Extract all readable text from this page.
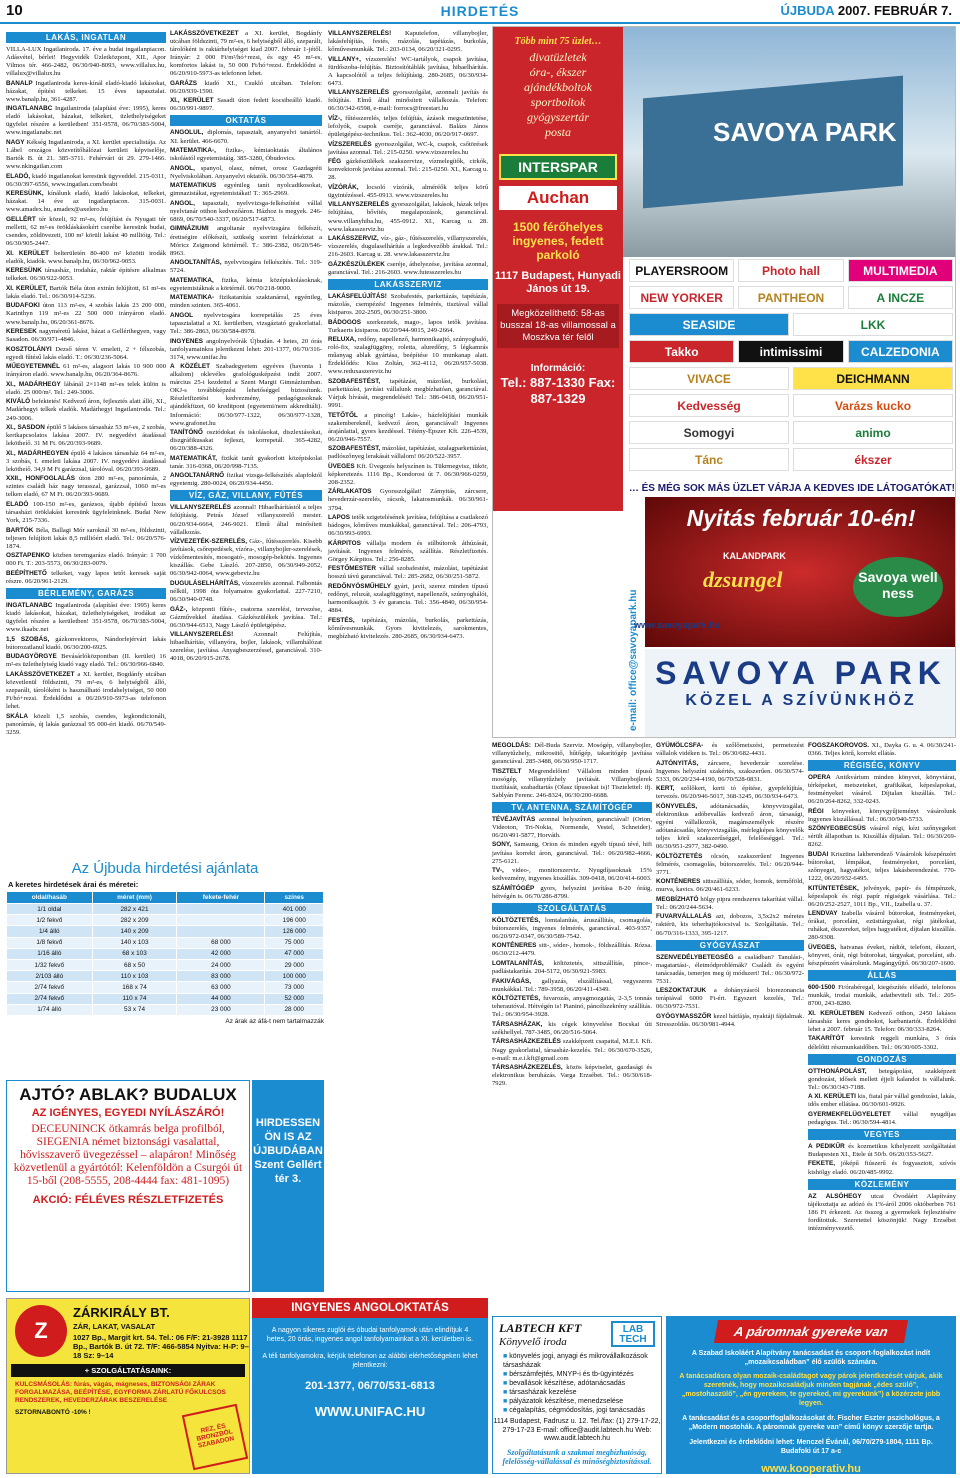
10	HIRDETÉS	ÚJBUDA 2007. FEBRUÁR 7.
LAKÁS, INGATLAN
VILLA-LUX Ingatlaniroda. 17. éve a budai ingatlanpiacon. Adásvétel, bérlet! Hegyvidék Üzletközpont, XII., Apor Vilmos tér. 466-2482, 06/30/940-8093, www.villalux.hu, villalux@villalux.hu
BANALP Ingatlaniroda keres-kínál eladó-kiadó lakásokat, házakat, építési telkeket. 15 éves tapasztalat. www.banalp.hu, 361-4287.
INGATLANABC Ingatlaniroda (alapítási éve: 1995), keres eladó lakásokat, házakat, telkeket, üzlethelyiségeket ügyfelei részére a kerületben! 351-9578, 06/70/383-5004, www.ingatlanabc.net
NAGY Kékség Ingatlaniroda, a XI. kerület specialistája. Az 1.ábel országos közvetítőhálózat kerületi képviselője, Bartók B. út 21. 385-3711. Fehérvári út 29. 279-1466. www.nkingatlan.com
ELADÓ, kiadó ingatlanokat keresünk ügyveddel. 215-0311, 06/30/397-6556, www.ingatlan.com/beabt
KERESÜNK, kínálunk eladó, kiadó lakásokat, telkeket, házakat. 14 éve az ingatlanpiacon. 315-0031. www.amadex.hu, amadex@axelero.hu
GELLÉRT tér közeli, 92 m²-es, felújítást és Nyugati tér melletti, 62 m²-es örökláskásokért cserébe keresünk budai, csendes, zöldövezeti, 100 m² körüli lakást 40 millióig. Tel.: 06/30/905-2447.
XI. KERÜLET belterületén 80-400 m² közötti irodák eladók, kiadók. www.banalp.hu, 06/30/962-9053.
KERESÜNK társasház, irodaház, raktár építésre alkalmas telkeket. 06/30/922-9053.
XI. KERÜLET, Bartók Béla úton extrán felújított, 61 m²-es lakás eladó. Tel.: 06/30/914-5236.
BUDAFOKI úton 113 m²-es, 4 szobás lakás 23 200 000, Karinthyn 119 m²-es 22 500 000 irányáron eladó. www.banalp.hu, 06/20/361-8676.
KERESEK nagyméretű lakást, házat a Gellérthegyen, vagy Sasadon. 06/30/971-4846.
KOSZTOLÁNYI Dezső téren V. emeleti, 2 + félszobás, egyedi fűtésű lakás eladó. T.: 06/30/236-5064.
MŰEGYETEMNÉL 61 m²-es, alagsori lakás 10 900 000 irányáron eladó. www.banalp.hu, 06/20/364-8676.
XI., MADÁRHEGY lábánál 2×1148 m²-es telek külön is eladó. 25 000/m². Tel.: 249-3006.
KIVÁLÓ befektetés! Kedvező áron, fejlesztés alatt álló, XI., Madárhegyi telkek eladók. Madárhegyi Ingatlaniroda. Tel.: 249-3006.
XI., SASDON épülő 5 lakásos társasház 53 m²-es, 2 szobás, kertkapcsolatos lakása 2007. IV. negyedévi átadással lekötheíő. 31 M Ft. 06/20/393-9689.
XI., MADÁRHEGYEN épülő 4 lakásos társasház 64 m²-es, 3 szobás, I. emeleti lakása 2007. IV. negyedévi átadással lekötheíő. 34,9 M Ft garázzsal, tárolóval. 06/20/393-9689.
XXII., HONFOGLALÁS úton 280 m²-es, panorámás, 2 szintes családi ház nagy terasszal, garázzsal, 1060 m²-es telken eladó, 67 M Ft. 06/20/393-9689.
ELADÓ 100-150 m²-es, garázsos, újabb építésű luxus társasházi öröklakást keresünk ügyfeleinknek. Budai New York, 215-7336.
BARTÓK Béla, Ballagi Mór saroknál 30 m²-es, földszinti, teljesen felújított lakás 8,5 millióért eladó. Tel.: 06/20/576-1874.
OSZTAPENKO közben teremgarázs eladó. Irányár: 1 700 000 Ft. T.: 203-5573, 06/30/283-0079.
BEÉPÍTHETŐ telkeket, vagy lapos tetőt keresek saját részre. 06/20/961-2129.
BÉRLEMÉNY, GARÁZS
INGATLANABC Ingatlaniroda (alapítási éve: 1995) keres kiadó lakásokat, házakat, üzlethelyiségeket, irodákat az ügyfelei részére a kerületben! 351-9578, 06/70/383-5004, www.ikaabc.net
1,5 SZOBÁS, gázkonvektoros, Nándorfejérvári lakás bútorozatlanul kiadó. 06/30/200-6925.
BUDAGYÖRGYE Bevásárlóközpontban (II. kerület) 16 m²-es üzlethelyiség kiadó vagy eladó. Tel.: 06/30/966-6840.
LAKÁSSZÖVETKEZET a XI. kerület, Bogdánfy utcában közvetlenül földszinti, 79 m²-es, 6 helyiségből álló, szeparált, tárolóként is használható irodahelyiséget, 50 000 Ft/hó+rezsi. Érdeklődni a 06/20/910-5973-as telefonon lehet.
SKÁLA közeli 1,5 szobás, csendes, legkondicionált, panorámás, új lakás garázzsal 95 000-ért kiadó. 06/70/549-3259.
LAKÁSSZÖVETKEZET a XI. kerület, Bogdánfy utcában földszinti, 79 m²-es, 6 helyiségből álló, szeparált, tárolóként is raktárhelyiséget kiad 2007. február 1-jétől. Irányár: 2 000 Ft/m²/hó+rezsi, és egy 45 m²-es, komfortos lakást is, 50 000 Ft/hó+rezsi. Érdeklődni a 06/20/910-5973-as telefonon lehet.
GARÁZS kiadó XI., Csukló utcában. Telefon: 06/20/939-1590.
XI., KERÜLET Sasadi úton fedett kocsibeálló kiadó. 06/30/991-9897.
OKTATÁS
ANGOLUL, diplomás, tapasztalt, anyanyelvi tanártól. XI. kerület. 466-6670.
MATEMATIKA-, fizika-, kémiaoktatás általános iskolástól egyetemistáig. 385-3280, Óbudovics.
ANGOL, spanyol, olasz, német, orosz Gazdagréti Nyelviskolában. Anyanyelvi oktatók. 06/30/354-4879.
MATEMATIKUS egyénileg tanít nyolcadikosokat, gimnazistákat, egyetemistákat! T.: 365-2969.
ANGOL, tapasztalt, nyelvvizsga-felkészítést vállal nyelvtanár otthon kedvezőáron. Házhoz is megyek. 246-6869, 06/70/540-3337, 06/20/517-6873.
GIMNÁZIUMI angoltanár nyelvvizsgára felkészít, érettségire előkészít, szükség szerint felzárkóztat a Móricz Zsigmond körtérnél. T.: 386-2382, 06/20/546-8963.
ANGOLTANÍTÁS, nyelvvizsgára felkészítés. Tel.: 319-5724.
MATEMATIKA, fizika, kémia középiskolásoknak, egyetemistáknak a körtérnél. 06/70/218-9000.
MATEMATIKA- fizikatanítás szaktanárral, egyénileg, minden szinten. 365-4061.
ANGOL nyelvvizsgára korrepetálás 25 éves tapasztalattal a XI. kerületben, vizsgáztató gyakorlattal. Tel.: 386-2863, 06/30/584-8978.
INGYENES angolnyelvórák Újbudán. 4 hetes, 20 órás tanfolyamainkra jelentkezni lehet: 201-1377, 06/70/316-3174, www.unifac.hu
A KÖZÉLET Szabadegyetem egyéves (havonta 1 alkalom) oklevéles grafológusképzést indít 2007. március 25-i kezdettel a Szent Margit Gimnáziumban. OKJ-s továbbképzési lehetőséggel biztosítunk. Részletfizetési kedvezmény, pedagógusoknak ajándékfüzet, 60 kreditpont (egyetemi/nem akkreditált). Információ: 06/30/977-1322, 06/30/977-1328, www.grafonet.hu
TANÍTÓNŐ osztódokat és iskolásokat, diszlexiásokat, diszgráfikusakat fejleszt, korrepetál. 365-4282, 06/20/388-4326.
MATEMATIKÁT, fizikát tanít gyakorlott középiskolai tanár. 316-0368, 06/20/998-7135.
ANGOLTANÁRNŐ fizikai vizsga-felkészítés alapfoktól egyetemig. 280-0024, 06/20/934-4456.
VÍZ, GÁZ, VILLANY, FŰTÉS
VILLANYSZERELÉS azonnal! Hibaelhárítástól a teljes felújításig. Petrás József villanyszerelő mester. 06/20/934-6664, 246-9021. Elmű által minősített vállalkozás.
VÍZVEZETÉK-SZERELÉS, Gáz-, fűtésszerelés. Kisebb javítások, csőrepedések, vízóra-, villanybojler-szerelések, vízkőmentesítés, mosogató-, mosogép-bekötés. Ingyenes kiszállás. Gebe László. 207-2850, 06/30/949-2052, 06/30/942-0064, www.gebeviz.hu
DUGULÁSELHÁRÍTÁS, vízszerelés azonnal. Falbontás nélkül, 1998 óta folyamatos gyakorlattal. 227-7210, 06/30/940-0748.
GÁZ-, központi fűtés-, csatorna szerelési, tervezése, Gázművekkel átadása. Gázkészülékek javítása. Tel.: 06/30/944-6513, Nagy László épületgépész.
VILLANYSZERELÉS! Azonnal! Felújítás, hibaelhárítás, villanyóra, bojler, lakások, villamhálózat szerelése, javítása. Anyagbeszerzéssel, garanciával. 310-4018, 06/20/915-2678.
VILLANYSZERELÉS! Kaputelefon, villanybojler, lakásfelújítás, festés, mázolás, tapétázás, burkolás, kőművesmunkák. Tel.: 203-0134, 06/20/321-0295.
VILLANY+, vízszerelés! WC-tartályok, csapok javítása, fürdőszoba-felújítás. Biztosítótáblák javítása, hibaelhárítás. A kapcsolótól a teljes felújításig. 280-2685, 06/30/934-6473.
VILLANYSZERELÉS gyorsszolgálat, azonnali javítás és felújítás. Elmű által minősített vállalkozás. Telefon: 06/30/342-6598, e-mail: forrocs@freestart.hu
VÍZ-, fűtésszerelés, teljes felújítás, ázások megszüntetése, lefolyók, csapok cseréje, garanciával. Balázs János épületgépész-technikus. Tel.: 362-4030, 06/20/917-0697.
VÍZSZERELÉS gyorsszolgálat, WC-k, csapok, csőtörések javítása azonnal. Tel.: 215-0250. www.vizszereles.hu
FÉG gázkészülékek szakszervize, vízmelegítők, cirkók, konvektorok javítása azonnal. Tel.: 215-0250. XI., Karcag u. 28.
VÍZÓRÁK, locsoló vízórák, alméréők teljes körű ügyintézéssel. 455-0913. www.vizszereles.hu
VILLANYSZERELÉS gyorsszolgálat, lakások, házak teljes felújítása, bővítés, megalapozások, garanciával. www.villanyhiba.hu, 455-0912. XI., Karcag u. 28. www.lakasszerviz.hu
LAKÁSSZERVIZ, víz-, gáz-, fűtésszerelés, villanyszerelés, vízszerelés, dugulaselhárítás a legkedvezőbb árakkal. Tel.: 216-2603. Karcag u. 28. www.lakasszerviz.hu
GÁZKÉSZÜLÉKEK cseréje, áthelyezése, javítása azonnal, garanciával. Tel.: 216-2603. www.futesszereles.hu
LAKÁSSZERVIZ
LAKÁSFELÚJÍTÁS! Szobafestés, parkettázás, tapétázás, mázolás, csempézés! Ingyenes felmérés, tisztával vállal kisiparos. 202-2505, 06/30/251-3800.
BÁDOGOS szerkezetek, mago-, lapos tetők javítása. Turkaerts kisiparos. 06/20/944-9015, 249-2664.
RELUXA, redőny, napellenző, harmonikaajtó, szúnyoghaló, roló-fix, szalagfüggöny, roletta, aluredőny, 5 légkamrás műanyag ablak gyártása, beépítése 10 munkanap alatt. Érdeklődés: Kiss Zoltán, 362-4112, 06/20/957-5038. www.reduxaszereviz.hu
SZOBAFESTÉST, tapétázást, mázolást, burkolást, parkettázást, javítást vállalunk megbízhatóan, garanciával. Várjuk hívását, megrendelését! Tel.: 386-0418, 06/20/951-9991.
TETŐTŐL a pincéig! Lakás-, házfelújítási munkák szakembereknél, kedvező áron, garanciával! Ingyenes árajánlattal, gyors kezdéssel. Tétény-Épszer Kft. 226-4539, 06/20/946-7557.
SZOBAFESTÉST, mázolást, tapétázást, szalagparkettázást, padlószőnyeg lerakását vállalom! 06/20/522-3957.
ÜVEGES Kft. Üvegezés helyszínen is. Tükrmegvisz, tükör, képkeretezés. 1116 Bp., Kondorosi út 7. 06/30/966-0259, 208-2352.
ZÁRLAKATOS Gyorsszolgálat! Zámyitás, zárcsere, hevederzár-szerelés, rácsok, lakatosmunkák. 06/30/961-3794.
LAPOS tetők szigetelésének javítása, felújítása a csatlakozó bádogos, kőműves munkákkal, garanciával. Tel.: 206-4793, 06/30/993-6993.
KÁRPITOS vállalja modern és stílbútorok áthúzását, javítását. Ingyenes felmérés, szállítás. Részletfizetés. Görgey Kárpitos. Tel.: 256-8285.
FESTŐMESTER vállal szobafestést, mázolást, tapétázást hosszú távú garanciával. Tel.: 285-2682, 06/30/251-5872.
REDŐNYÖSMŰHELY gyárt, javít, szerez minden típusú redőnyt, reluxát, szalagfüggönyt, napellenzőt, szúnyoghálót, harmonikaajtót. 3 év garancia. Tel.: 356-4840, 06/30/954-4884.
FESTÉS, tapétázás, mázolás, burkolás, parkettázás, kőművesmunkák. Gyors kivitelezés, sarokmentes, megbízható kivitelezés. 280-2685, 06/30/934-6473.
MEGOLDÁS: Dél-Buda Szerviz. Mosógép, villanybojler, villanytűzhely, mikrosütő, hűtőgép, takarítógép javítása garanciával. 285-3488, 06/30/950-1717.
TISZTELT Megrendelőim! Vállalom minden típusú mosógép, villanytűzhely javítását. Villanybojlerek tisztítását, szabadtartás (Olasz típusokat is)! Tisztelettel: ifj. Sablyán Ferenc. 246-8324, 06/30/200-6688.
TV, ANTENNA, SZÁMÍTÓGÉP
TÉVÉJAVÍTÁS azonnal helyszínen, garanciával! (Orion, Videoton, Tri-Nokia, Normende, Vestel, Schneider). 06/20/491-5877, Horváth.
SONY, Samsung, Orion és minden egyéb típusú tévé, hifi javítása korrekt áron, garanciával. Tel.: 06/20/982-4666, 275-6121.
TV-, video-, monitorszerviz. Nyugdíjasoknak 15% kedvezmény, ingyenes kiszállás. 309-0418, 06/20/414-6003.
SZÁMÍTÓGÉP gyors, helyszíni javítása 8-20 óráig, hétvégén is. 06/70/286-8799.
SZOLGÁLTATÁS
KÖLTÖZTETÉS, lomtalanítás, áruszállítás, csomagolás, bútorszerelés, ingyenes felmérés, garanciával. 403-9357, 06/20/972-0347, 06/30/589-7542.
KONTÉNERES sitt-, sóder-, homok-, földszállítás. Rózsa. 06/30/212-4479.
LOMTALANÍTÁS, költöztetés, sittszállítás, pince-, padlástakarítás. 204-5172, 06/30/921-5983.
FAKIVÁGÁS, gallyazás, elszállítással, vegyszeres munkákkal. Tel.: 789-3958, 06/20/411-4349.
KÖLTÖZTETÉS, fuvarozás, anyagmozgatás, 2-3,5 tonnás teherautóval. Hétvégén is! Pianinó, páncélszekrény szállítás. Tel.: 06/30/954-3928.
TÁRSASHÁZAK, kis cégek könyvelése Bocskai úti székhellyel. 787-3485, 06/20/516-5064.
TÁRSASHÁZKEZELÉS szakképzett csapattal, M.E.I. Kft. Nagy gyakorlattal, társasház-kezelés. Tel.: 06/30/670-3526, e-mail: m.e.i.kft@gmail.com
TÁRSASHÁZKEZELÉS, közös képviselet, gazdasági és elektronikus beruházás. Varga Erzsébet. Tel.: 06/30/618-7929.
GYÜMÖLCSFA- és szőlőmetszést, permetezést vállalok vidéken is. Tel.: 06/30/682-4431.
AJTÓNYITÁS, zárcsere, hevederzár szerelése. Ingyenes helyszíni szakértés, szakszerűen. 06/30/574-5333, 06/20/234-4190, 06/70/528-0831.
KERT, szőlőkert, kerti tó építése, gyepfelújítás, tervezés. 06/20/946-5017, 368-3245, 06/30/934-6473.
KÖNYVELÉS, adótanácsadás, könyvvizsgálat, elektronikus adóbevallás kedvező áron, társasági, egyéni vállalkozók, magánszemélyek részére adótanácsadás, könyvvizsgálás, mérlegképes könyvelők teljes körű szakszerűséggel, felelősséggel. Tel.: 06/30/951-2977, 382-0490.
KÖLTÖZTETÉS olcsón, szakszerűen! Ingyenes felmérés, csomagolás, bútorszerelés. Tel.: 06/20/944-3771.
KONTÉNERES sittszállítás, sóder, homok, termőföld, murva, kavics. 06/20/461-6233.
MEGBÍZHATÓ hölgy pipra rendszeres takarítást vállal. Tel.: 06/20/244-5634.
FUVARVÁLLALÁS azt, dobozos, 3,5x2x2 méretes raktérü, kis teherhajtókocsival is. Szolgáltatás. Tel.: 06/70/316-1333, 395-1217.
GYÓGYÁSZAT
SZENVEDÉLYBETEGSÉG a családban? Tanulási-, magatartási-, életmódproblémák? Családi és egyéni tanácsadás, ismerjen meg új módszert! Tel.: 06/30/972-7531.
LESZOKTATJUK a dohányzásról biorezonancia terápiával 6000 Ft-ért. Egyszeri kezelés, Tel.: 06/30/972-7531.
GYÓGYMASSZŐR kezel hátfájás, nyaktáji fájdalmak. Stresszoldás. 06/30/981-4944.
FOGSZAKOROVOS. XI., Dayka G. u. 4. 06/30/241-0366. Teljes körű, korrekt ellátás.
RÉGISÉG, KÖNYV
OPERA Antikvárium minden könyvet, könyvtárat, térképeket, metszeteket, grafikákat, képeslapokat, festményeket vásárol. Díjtalan kiszállás. Tel.: 06/20/264-8262, 332-0243.
RÉGI könyveket, könyvgyűjteményt vásárolunk ingyenes kiszállással. Tel.: 06/30/940-5733.
SZÖNYEGBECSÜS vásárol régi, kézi szőnyegeket sérült állapotban is. Kiszállás díjtalan. Tel.: 06/30/269-8262.
BUDAI Krisztina lakberendező Vásárolok készpénzért bútorokat, lémpákat, festményeket, porcelánt, szőnyeget, hagyatékot, teljes lakásberendezést. 770-1222, 06/20/932-6495.
KITÜNTETÉSEK, jelvények, papír- és fémpénzek, képeslapok és régi papír régiségek vásárlása. Tel.: 06/20/252-2527, 1011 Bp., VII., Izabella u. 37.
LENDVAY Izabella vásárol bútorokat, festményeket, órákat, porcelánt, ezüsttárgyakat, régi játékokat, ruhákat, ékszereket, teljes hagyatékot, díjtalan kiszállás. 280-9308.
ÜVEGES, hatvanas éveket, rádiót, telefont, ékszert, könyvet, órát, régi bútorokat, tárgyakat, porcelánt, stb. készpénzért vásárolunk. Magángyűjtő. 06/30/207-1600.
ÁLLÁS
600-1500 Ft/órabéregal, kiegészítés előadó, telefonos munkák, irodai munkák, adatbeviteli stb. Tel.: 205-8700, 243-8280.
XI. KERÜLETBEN Kedvező otthon, 2450 lakásos társasház keres gondnokot, karbantartót. Érdeklődni lehet a 2007. február 15. Telefon: 06/30/333-8264.
TAKARÍTÓT keresünk reggeli munkára, 3 órás délelőtti részmunkaidőben. Tel.: 06/30/605-3302.
GONDOZÁS
OTTHONÁPOLÁST, betegápolást, szakképzett gondozást, idősek mellett éjjeli kalandot is vállalunk. Tel.: 06/30/343-7188.
A XI. KERÜLETI kis, fiatal pár vállal gondozást, lakás, idős ember ellátása. 06/30/601-9926.
GYERMEKFELÜGYELETET vállal nyugdíjas pedagógus. Tel.: 06/30/594-4814.
VEGYES
A PEDIKŰR és kozmetikus kihelyezett szolgáltatást Budapesten XI., Etele út 50/b. 06/20/353-5627.
FEKETE, jóképű fiúszerű és fogyasztott, szívós kishölgy eladó. 06/20/485-9992.
KÖZLEMÉNY
AZ ALSÓHEGY utcai Óvodáért Alapítvány tájékoztatja az adózó és 1%-áról 2006 októberben 761 186 Ft érkezett. Az összeg a gyermekek fejlesztésére fordítottuk. Szeretettel köszönjük! Nagy Erzsébet intézményvezető.
Az Újbuda hirdetési ajánlata
A keretes hirdetések árai és méretei:
oldal/hasáb	méret (mm)	fekete-fehér	színes
1/1 oldal	282 x 421		401 000
1/2 fekvő	282 x 209		196 000
1/4 álló	140 x 209		126 000
1/8 fekvő	140 x 103	68 000	75 000
1/16 álló	68 x 103	42 000	47 000
1/32 fekvő	68 x 50	24 000	29 000
2/103 álló	110 x 103	83 000	100 000
2/74 fekvő	168 x 74	63 000	73 000
2/74 fekvő	110 x 74	44 000	52 000
1/74 álló	53 x 74	23 000	28 000
Az árak az áfá-t nem tartalmazzák
AJTÓ? ABLAK? BUDALUX
AZ IGÉNYES, EGYEDI NYÍLÁSZÁRÓ!
DECEUNINCK ötkamrás belga profilból, SIEGENIA német biztonsági vasalattal, hővisszaverő üvegezéssel – alapáron! Minőség közvetlenül a gyártótól: Kelenföldön a Csurgói út 15-ből (208-5555, 208-4444 fax: 481-1095)
AKCIÓ: FÉLÉVES RÉSZLETFIZETÉS
HIRDESSEN ÖN IS AZ ÚJBUDÁBAN Szent Gellért tér 3.
Z
ZÁRKIRÁLY BT.
ZÁR, LAKAT, VASALAT
1027 Bp., Margit krt. 54. Tel.: 06 F/F: 21-3928 1117 Bp., Bartók B. út 72. T/F: 466-5854 Nyitva: H-P: 9–18 Sz: 9–14
+ SZOLGÁLTATÁSAINK:
KULCSMÁSOLÁS: fúrás, vágás, mágneses, BIZTONSÁGI ZÁRAK FORGALMAZÁSA, BEÉPÍTÉSE, EGYFORMA ZÁRLATÚ FŐKULCSOS RENDSZEREK, HEVEDERZÁRAK BESZERELÉSE
SZTORNABONTÓ -10% !
REZ, ÉS BRONZBÓL SZABADON
INGYENES ANGOLOKTATÁS
A nagyon sikeres zuglói és óbudai tanfolyamok után elindítjuk 4 hetes, 20 órás, ingyenes angol tanfolyamainkat a XI. kerületben is.
A téli tanfolyamokra, kérjük telefonon az alábbi elérhetőségeken lehet jelentkezni:
201-1377, 06/70/531-6813
WWW.UNIFAC.HU
SAVOYA PARK
Több mint 75 üzlet…
divatüzletek
óra-, ékszer
ajándékboltok
sportboltok
gyógyszertár
posta
INTERSPAR
Auchan
1500 férőhelyes ingyenes, fedett parkoló
1117 Budapest, Hunyadi János út 19.
Megközelíthető: 58-as busszal 18-as villamossal a Moszkva tér felől
Információ:
Tel.: 887-1330 Fax: 887-1329
e-mail: office@savoyapark.hu
PLAYERSROOM	Photo hall	MULTIMEDIA
NEW YORKER	PANTHEON	A INCZE
SEASIDE	LKK
Takko	intimissimi	CALZEDONIA
VIVACE	DEICHMANN
Kedvesség	Varázs kucko
Somogyi	animo
Tánc	ékszer
… ÉS MÉG SOK MÁS ÜZLET VÁRJA A KEDVES IDE LÁTOGATÓKAT!
Nyitás február 10-én!
KALANDPARK
dzsungel	Savoya well ness
SAVOYA PARK
KÖZEL A SZÍVÜNKHÖZ
www.savoyapark.hu
LAB TECH
LABTECH KFT
Könyvelő iroda
■ könyvelés jogi, anyagi és mikrovállalkozások társasházak
■ bérszámfejtés, MNYP-i és tb-ügyintézés
■ bevallások készítése, adótanácsadás
■ társasházak kezelése
■ pályázatok készítése, menedzselése
■ cégalapítás, cégmódosítás, jogi tanácsadás
1114 Budapest, Fadrusz u. 12. Tel./fax: (1) 279-17-22, 279-17-23 E-mail: office@audit.labtech.hu Web: www.audit.labtech.hu
Szolgáltatásunk a szakmai megbízhatóság, felelősség-vállalással és minőségbiztosítással.
A páromnak gyereke van
A Szabad Iskoláért Alapítvány tanácsadást és csoport-foglalkozást indít „mozaikcsaládban” élő szülők számára.
A tanácsadásra olyan mozaik-családtagot vagy párok jelentkezését várjuk, akik szeretnék, hogy mozaikcsaládjuk minden tagjának „édes szülő”, „mostohaszülő”, „én gyerekem, te gyereked, mi gyerekünk”) a közérzete jobb legyen.
A tanácsadást és a csoportfoglalkozásokat dr. Fischer Eszter pszichológus, a „Modern mostohák. A páromnak gyereke van” című könyv szerzője tartja.
Jelentkezni és érdeklődni lehet: Menczel Évánál, 06/70/279-1804, 1111 Bp. Budafoki út 17 a-c
www.kooperativ.hu
